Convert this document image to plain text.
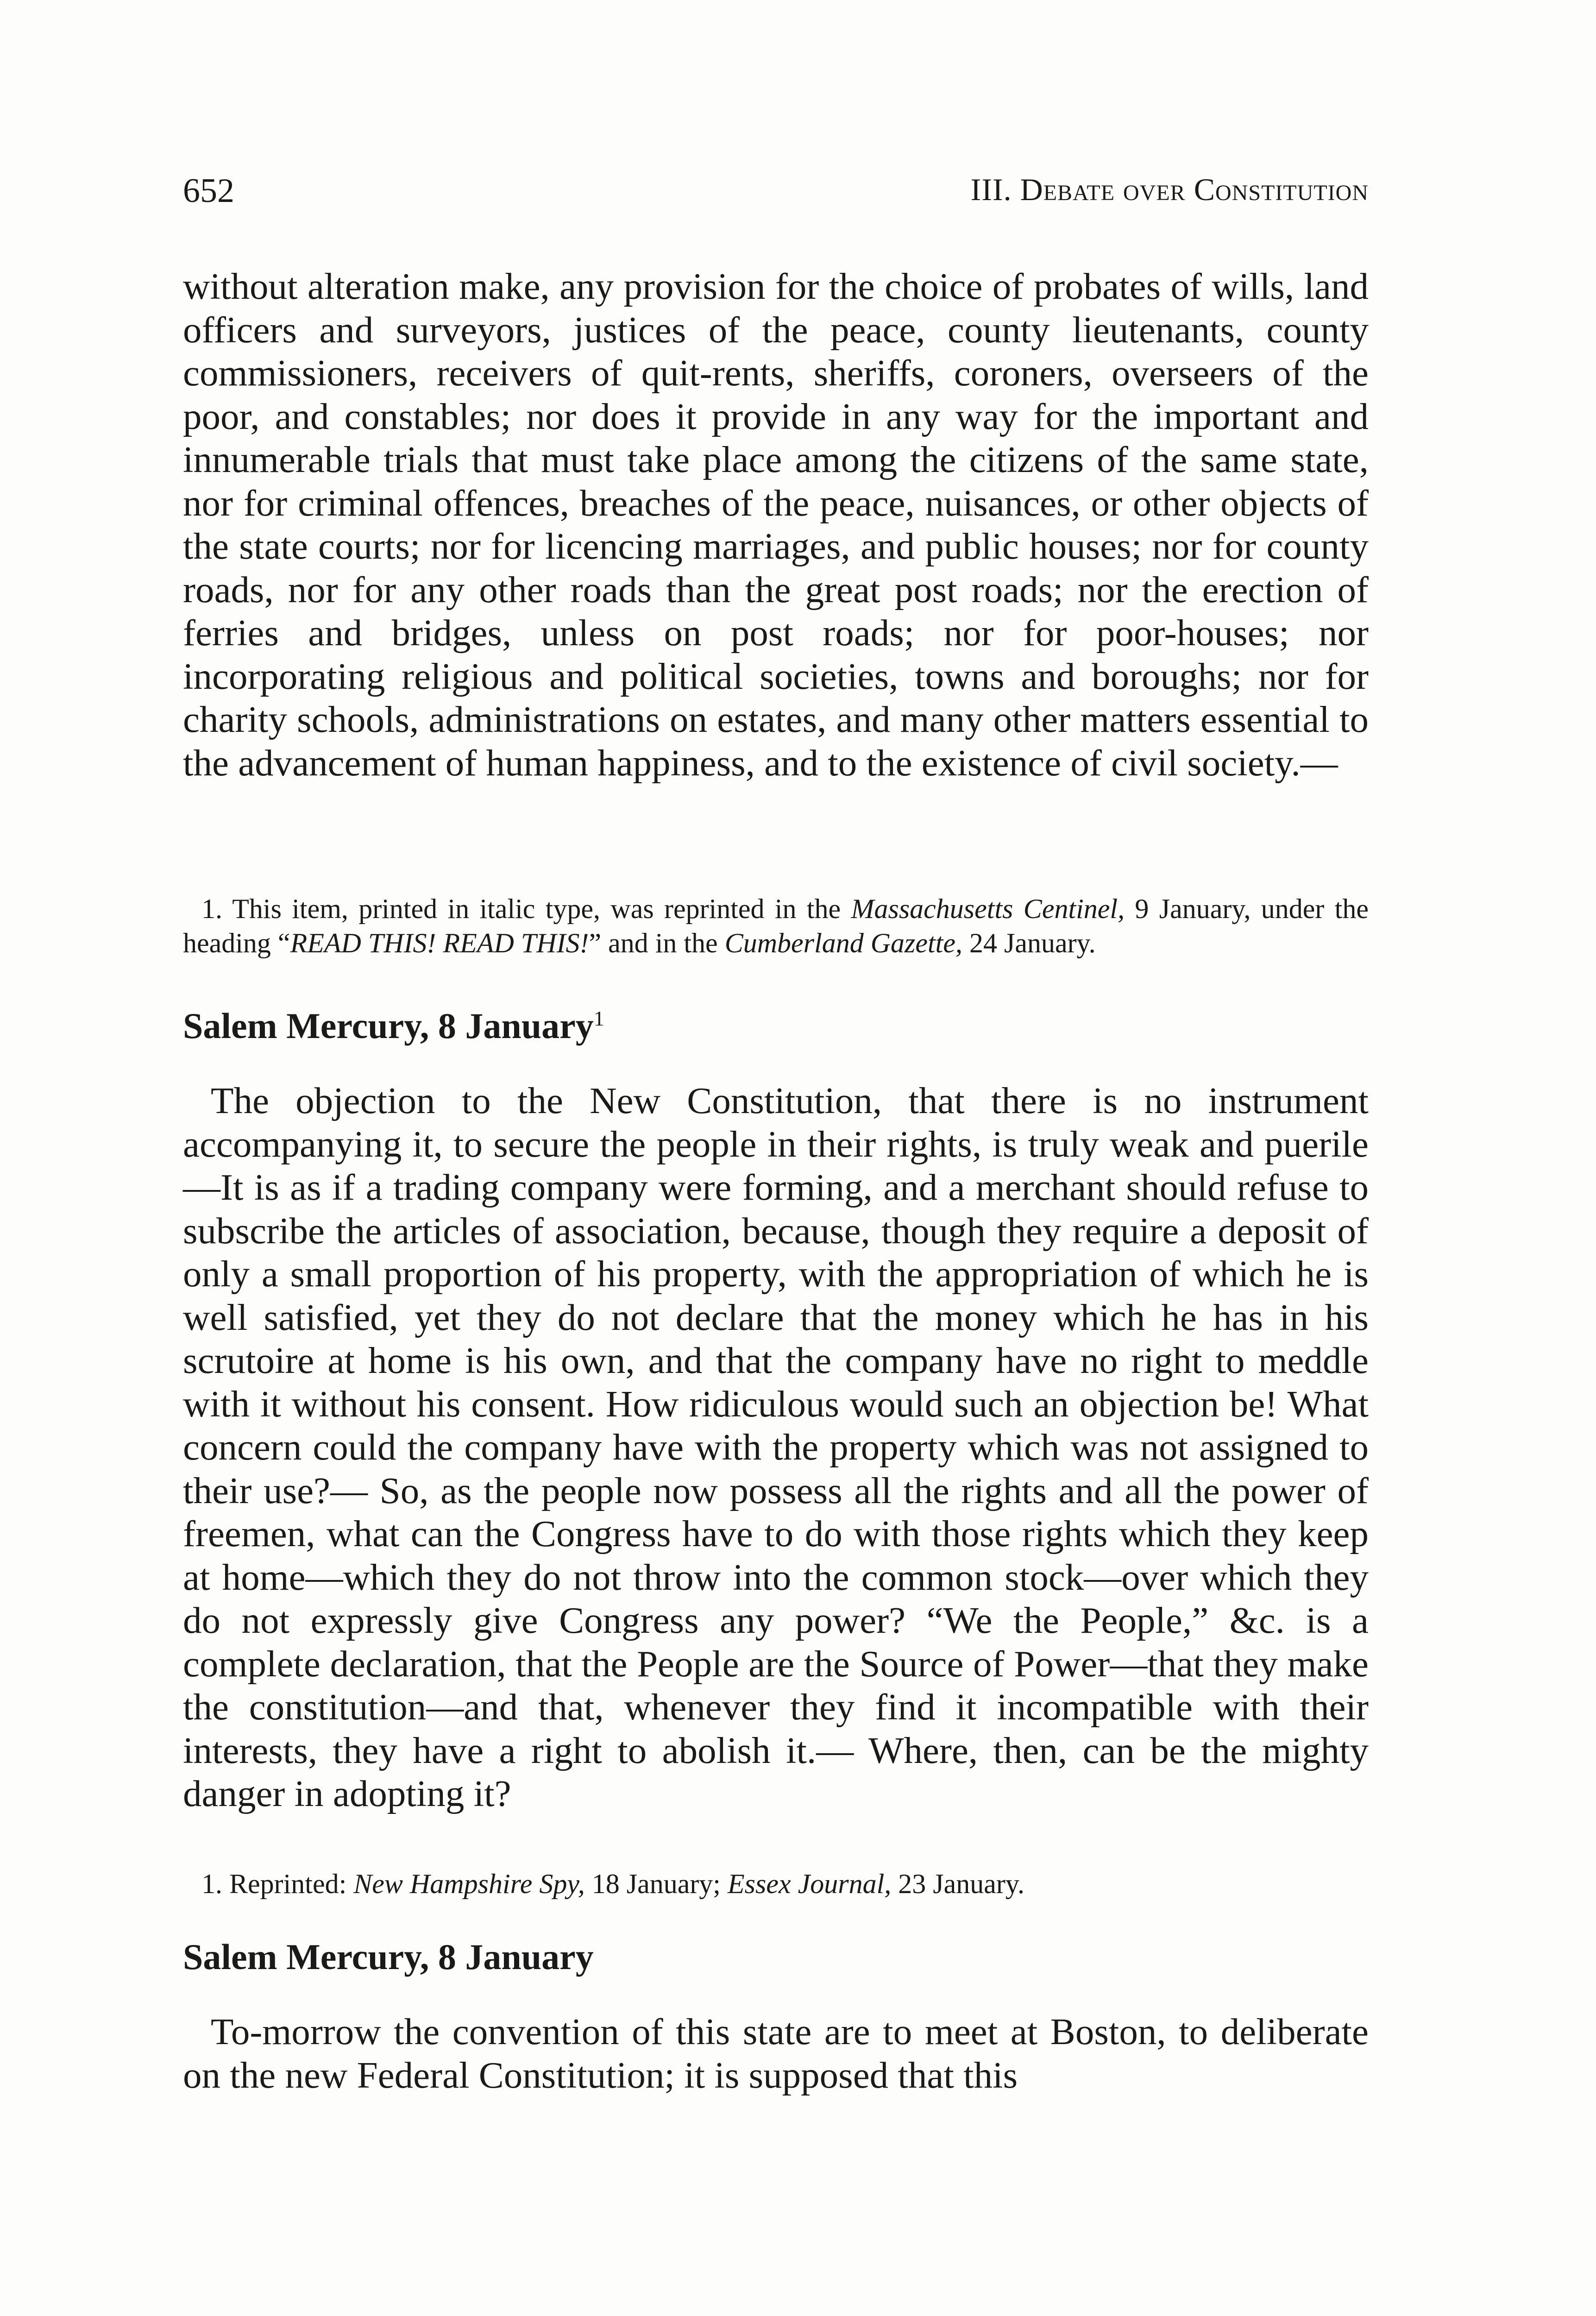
652	III. Debate over Constitution

without alteration make, any provision for the choice of probates of wills, land officers and surveyors, justices of the peace, county lieutenants, county commissioners, receivers of quit-rents, sheriffs, coroners, overseers of the poor, and constables; nor does it provide in any way for the important and innumerable trials that must take place among the citizens of the same state, nor for criminal offences, breaches of the peace, nuisances, or other objects of the state courts; nor for licencing marriages, and public houses; nor for county roads, nor for any other roads than the great post roads; nor the erection of ferries and bridges, unless on post roads; nor for poor-houses; nor incorporating religious and political societies, towns and boroughs; nor for charity schools, administrations on estates, and many other matters essential to the advancement of human happiness, and to the existence of civil society.—

1. This item, printed in italic type, was reprinted in the Massachusetts Centinel, 9 January, under the heading “READ THIS! READ THIS!” and in the Cumberland Gazette, 24 January.

Salem Mercury, 8 January$^1$

The objection to the New Constitution, that there is no instrument accompanying it, to secure the people in their rights, is truly weak and puerile—It is as if a trading company were forming, and a merchant should refuse to subscribe the articles of association, because, though they require a deposit of only a small proportion of his property, with the appropriation of which he is well satisfied, yet they do not declare that the money which he has in his scrutoire at home is his own, and that the company have no right to meddle with it without his consent. How ridiculous would such an objection be! What concern could the company have with the property which was not assigned to their use?— So, as the people now possess all the rights and all the power of freemen, what can the Congress have to do with those rights which they keep at home—which they do not throw into the common stock—over which they do not expressly give Congress any power? “We the People,” &c. is a complete declaration, that the People are the Source of Power—that they make the constitution—and that, whenever they find it incompatible with their interests, they have a right to abolish it.— Where, then, can be the mighty danger in adopting it?

1. Reprinted: New Hampshire Spy, 18 January; Essex Journal, 23 January.

Salem Mercury, 8 January

To-morrow the convention of this state are to meet at Boston, to deliberate on the new Federal Constitution; it is supposed that this
